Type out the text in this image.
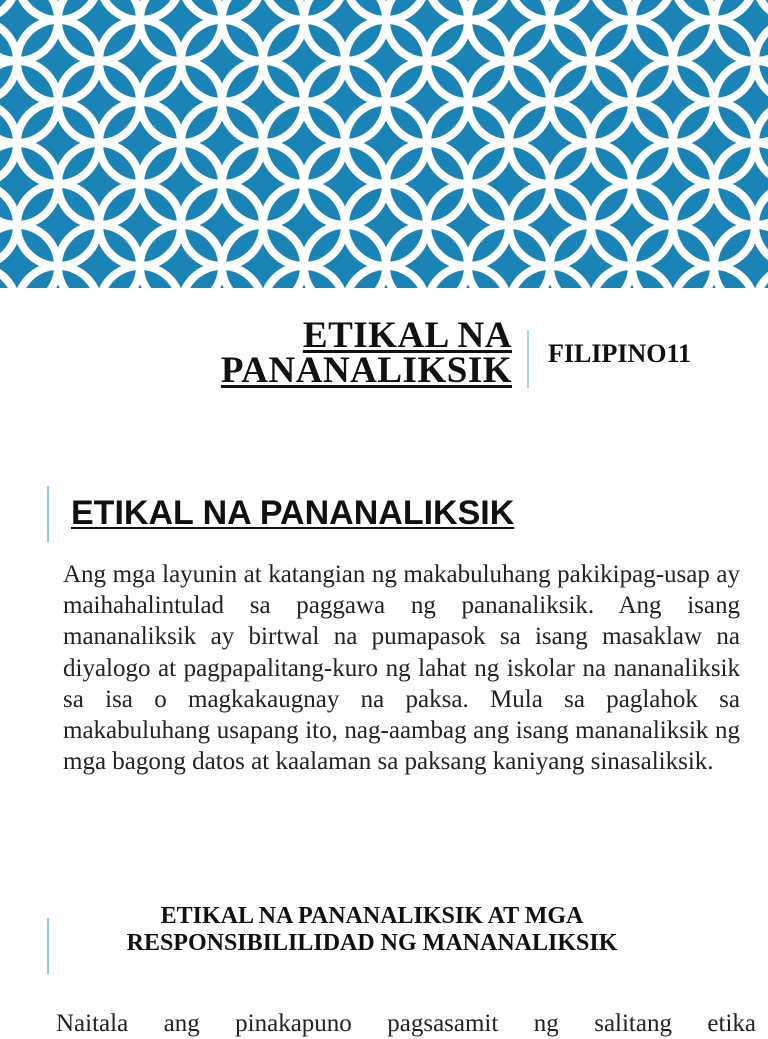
ETIKAL NA
PANANALIKSIK FILIPINO11
ETIKAL NA PANANALIKSIK
Ang mga layunin at katangian ng makabuluhang pakikipag-usap ay maihahalintulad sa paggawa ng pananaliksik. Ang isang mananaliksik ay birtwal na pumapasok sa isang masaklaw na diyalogo at pagpapalitang-kuro ng lahat ng iskolar na nananaliksik sa isa o magkakaugnay na paksa. Mula sa paglahok sa makabuluhang usapang ito, nag-aambag ang isang mananaliksik ng mga bagong datos at kaalaman sa paksang kaniyang sinasaliksik.
ETIKAL NA PANANALIKSIK AT MGA
RESPONSIBILILIDAD NG MANANALIKSIK
Naitala ang pinakapuno pagsasamit ng salitang etika
